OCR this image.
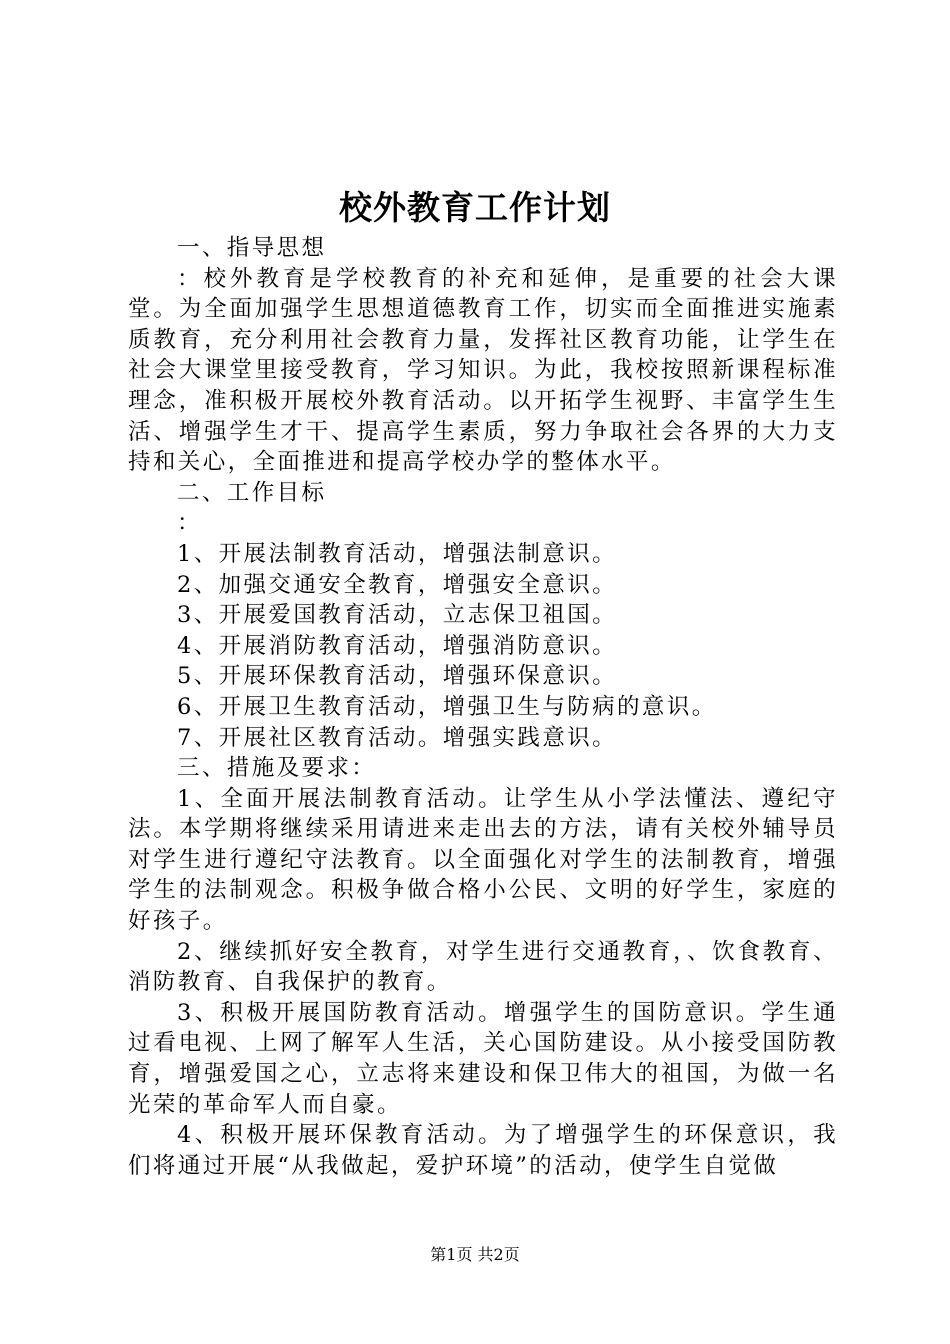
校外教育工作计划

一、指导思想

：校外教育是学校教育的补充和延伸，是重要的社会大课堂。为全面加强学生思想道德教育工作，切实而全面推进实施素质教育，充分利用社会教育力量，发挥社区教育功能，让学生在社会大课堂里接受教育，学习知识。为此，我校按照新课程标准理念，准积极开展校外教育活动。以开拓学生视野、丰富学生生活、增强学生才干、提高学生素质，努力争取社会各界的大力支持和关心，全面推进和提高学校办学的整体水平。

二、工作目标

：

1、开展法制教育活动，增强法制意识。

2、加强交通安全教育，增强安全意识。

3、开展爱国教育活动，立志保卫祖国。

4、开展消防教育活动，增强消防意识。

5、开展环保教育活动，增强环保意识。

6、开展卫生教育活动，增强卫生与防病的意识。

7、开展社区教育活动。增强实践意识。

三、措施及要求：

1、全面开展法制教育活动。让学生从小学法懂法、遵纪守法。本学期将继续采用请进来走出去的方法，请有关校外辅导员对学生进行遵纪守法教育。以全面强化对学生的法制教育，增强学生的法制观念。积极争做合格小公民、文明的好学生，家庭的好孩子。

2、继续抓好安全教育，对学生进行交通教育，、饮食教育、消防教育、自我保护的教育。

3、积极开展国防教育活动。增强学生的国防意识。学生通过看电视、上网了解军人生活，关心国防建设。从小接受国防教育，增强爱国之心，立志将来建设和保卫伟大的祖国，为做一名光荣的革命军人而自豪。

4、积极开展环保教育活动。为了增强学生的环保意识，我们将通过开展“从我做起，爱护环境”的活动，使学生自觉做

第1页 共2页
